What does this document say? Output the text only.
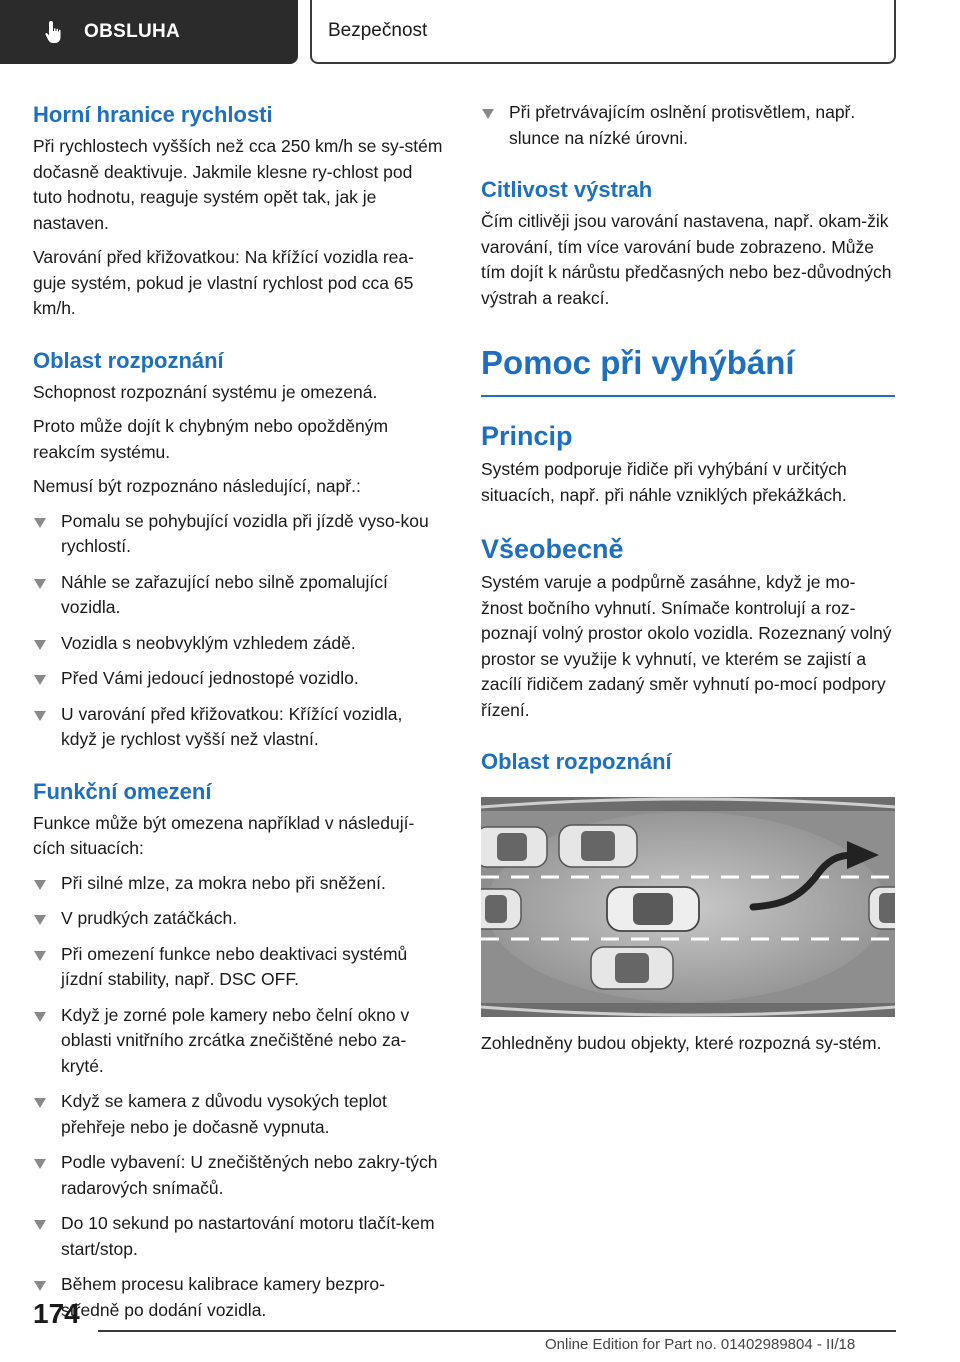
OBSLUHA	Bezpečnost
Horní hranice rychlosti

Při rychlostech vyšších než cca 250 km/h se sy‐stém dočasně deaktivuje. Jakmile klesne ry‐chlost pod tuto hodnotu, reaguje systém opět tak, jak je nastaven.

Varování před křižovatkou: Na křížící vozidla rea‐guje systém, pokud je vlastní rychlost pod cca 65 km/h.

Oblast rozpoznání

Schopnost rozpoznání systému je omezená.

Proto může dojít k chybným nebo opožděným reakcím systému.

Nemusí být rozpoznáno následující, např.:

Pomalu se pohybující vozidla při jízdě vyso‐kou rychlostí.
Náhle se zařazující nebo silně zpomalující vozidla.
Vozidla s neobvyklým vzhledem zádě.
Před Vámi jedoucí jednostopé vozidlo.
U varování před křižovatkou: Křížící vozidla, když je rychlost vyšší než vlastní.
Funkční omezení

Funkce může být omezena například v následují‐cích situacích:

Při silné mlze, za mokra nebo při sněžení.
V prudkých zatáčkách.
Při omezení funkce nebo deaktivaci systémů jízdní stability, např. DSC OFF.
Když je zorné pole kamery nebo čelní okno v oblasti vnitřního zrcátka znečištěné nebo za‐kryté.
Když se kamera z důvodu vysokých teplot přehřeje nebo je dočasně vypnuta.
Podle vybavení: U znečištěných nebo zakry‐tých radarových snímačů.
Do 10 sekund po nastartování motoru tlačít‐kem start/stop.
Během procesu kalibrace kamery bezpro‐středně po dodání vozidla.
Při přetrvávajícím oslnění protisvětlem, např. slunce na nízké úrovni.
Citlivost výstrah

Čím citlivěji jsou varování nastavena, např. okam‐žik varování, tím více varování bude zobrazeno. Může tím dojít k nárůstu předčasných nebo bez‐důvodných výstrah a reakcí.

Pomoc při vyhýbání
Princip

Systém podporuje řidiče při vyhýbání v určitých situacích, např. při náhle vzniklých překážkách.

Všeobecně

Systém varuje a podpůrně zasáhne, když je mo‐žnost bočního vyhnutí. Snímače kontrolují a roz‐poznají volný prostor okolo vozidla. Rozeznaný volný prostor se využije k vyhnutí, ve kterém se zajistí a zacílí řidičem zadaný směr vyhnutí po‐mocí podpory řízení.

Oblast rozpoznání

Zohledněny budou objekty, které rozpozná sy‐stém.

174
Online Edition for Part no. 01402989804 - II/18
